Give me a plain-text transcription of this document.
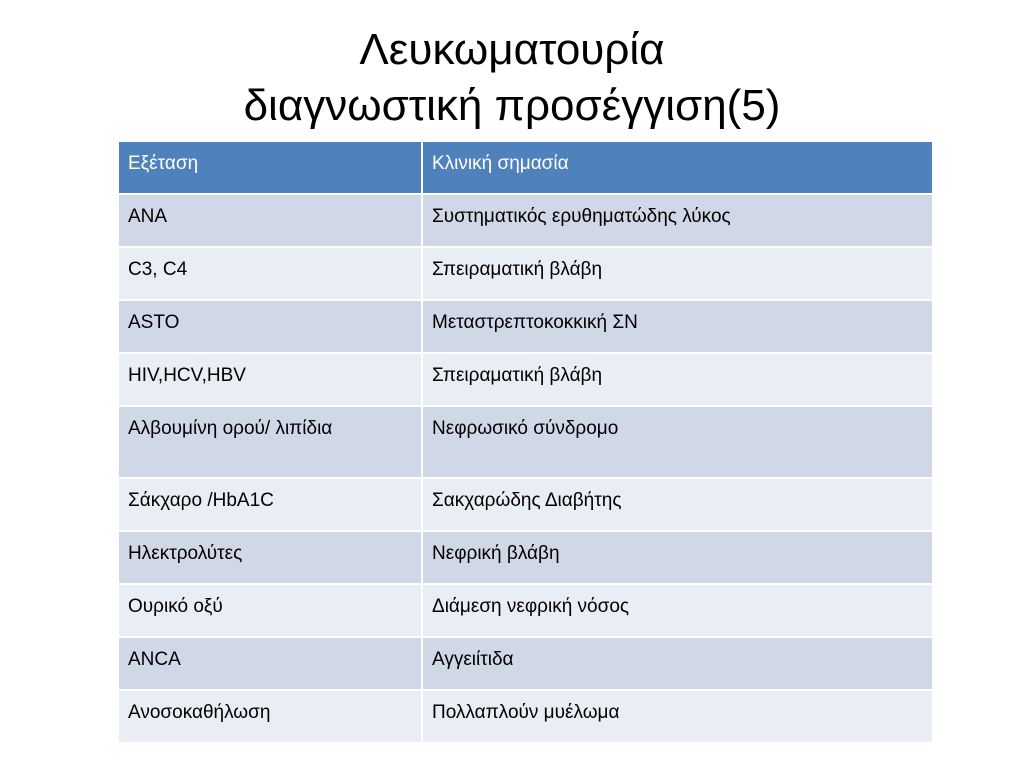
Λευκωματουρία
διαγνωστική προσέγγιση(5)
Εξέταση	Κλινική σημασία
ANA	Συστηματικός ερυθηματώδης λύκος
C3, C4	Σπειραματική βλάβη
ASTO	Μεταστρεπτοκοκκική ΣΝ
HIV,HCV,HBV	Σπειραματική βλάβη
Αλβουμίνη ορού/ λιπίδια	Νεφρωσικό σύνδρομο
Σάκχαρο /HbA1C	Σακχαρώδης Διαβήτης
Ηλεκτρολύτες	Νεφρική βλάβη
Ουρικό οξύ	Διάμεση νεφρική νόσος
ANCA	Αγγειίτιδα
Ανοσοκαθήλωση	Πολλαπλούν μυέλωμα
